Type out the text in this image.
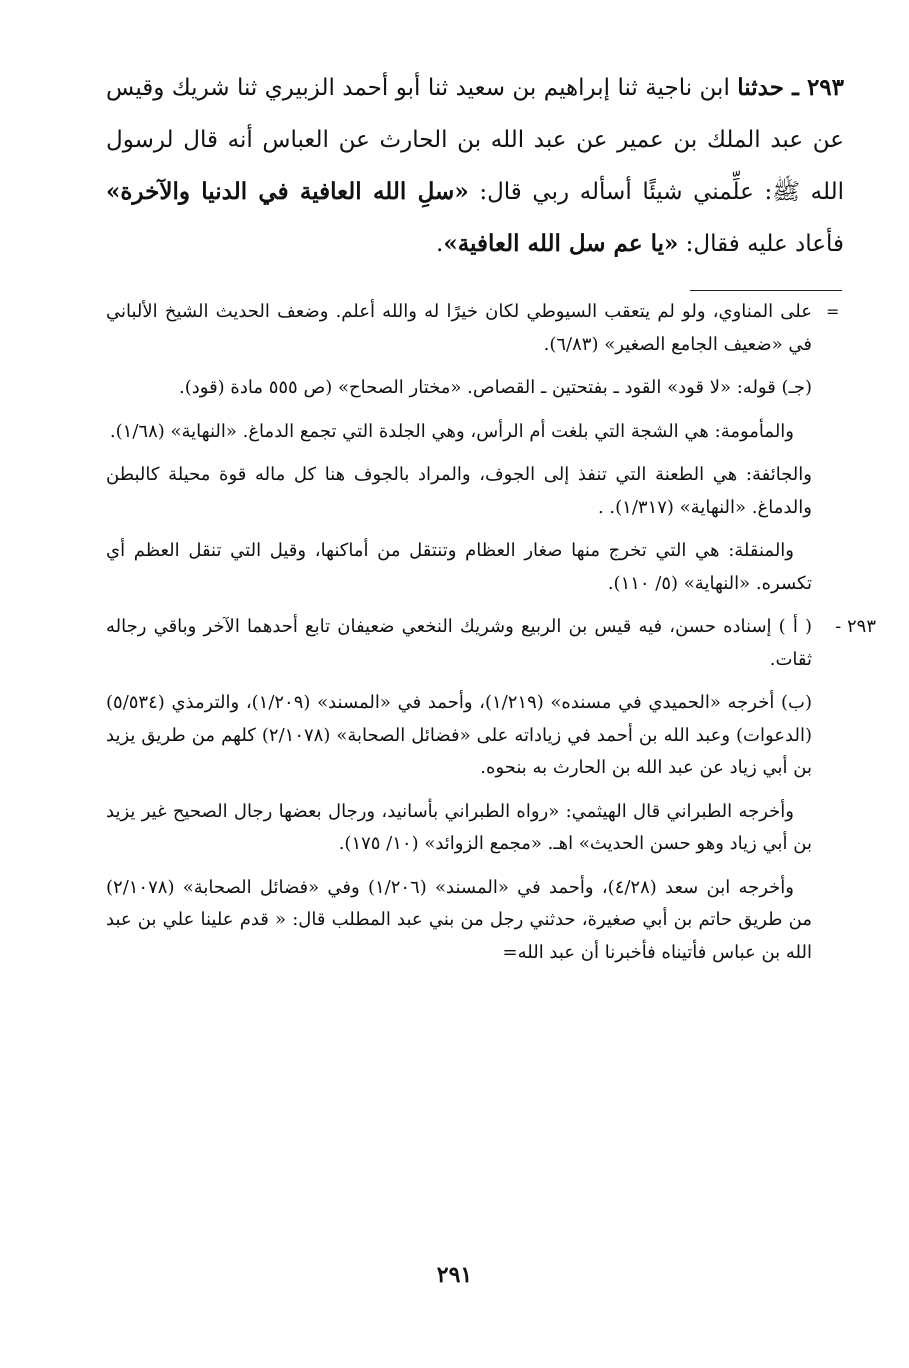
٢٩٣ ـ حدثنا ابن ناجية ثنا إبراهيم بن سعيد ثنا أبو أحمد الزبيري ثنا شريك وقيس عن عبد الملك بن عمير عن عبد الله بن الحارث عن العباس أنه قال لرسول الله ﷺ: علِّمني شيئًا أسأله ربي قال: «سلِ الله العافية في الدنيا والآخرة» فأعاد عليه فقال: «يا عم سل الله العافية».

=

على المناوي، ولو لم يتعقب السيوطي لكان خيرًا له والله أعلم. وضعف الحديث الشيخ الألباني في «ضعيف الجامع الصغير» (٦/٨٣).

(جـ) قوله: «لا قود» القود ـ بفتحتين ـ القصاص. «مختار الصحاح» (ص ٥٥٥ مادة (قود).

والمأمومة: هي الشجة التي بلغت أم الرأس، وهي الجلدة التي تجمع الدماغ. «النهاية» (١/٦٨).

والجائفة: هي الطعنة التي تنفذ إلى الجوف، والمراد بالجوف هنا كل ماله قوة محيلة كالبطن والدماغ. «النهاية» (١/٣١٧). .

والمنقلة: هي التي تخرج منها صغار العظام وتنتقل من أماكنها، وقيل التي تنقل العظم أي تكسره. «النهاية» (٥/ ١١٠).

٢٩٣ -
( أ ) إسناده حسن، فيه قيس بن الربيع وشريك النخعي ضعيفان تابع أحدهما الآخر وباقي رجاله ثقات.

(ب) أخرجه «الحميدي في مسنده» (١/٢١٩)، وأحمد في «المسند» (١/٢٠٩)، والترمذي (٥/٥٣٤) (الدعوات) وعبد الله بن أحمد في زياداته على «فضائل الصحابة» (٢/١٠٧٨) كلهم من طريق يزيد بن أبي زياد عن عبد الله بن الحارث به بنحوه.

وأخرجه الطبراني قال الهيثمي: «رواه الطبراني بأسانيد، ورجال بعضها رجال الصحيح غير يزيد بن أبي زياد وهو حسن الحديث» اهـ. «مجمع الزوائد» (١٠/ ١٧٥).

وأخرجه ابن سعد (٤/٢٨)، وأحمد في «المسند» (١/٢٠٦) وفي «فضائل الصحابة» (٢/١٠٧٨) من طريق حاتم بن أبي صغيرة، حدثني رجل من بني عبد المطلب قال: « قدم علينا علي بن عبد الله بن عباس فأتيناه فأخبرنا أن عبد الله=

٢٩١
